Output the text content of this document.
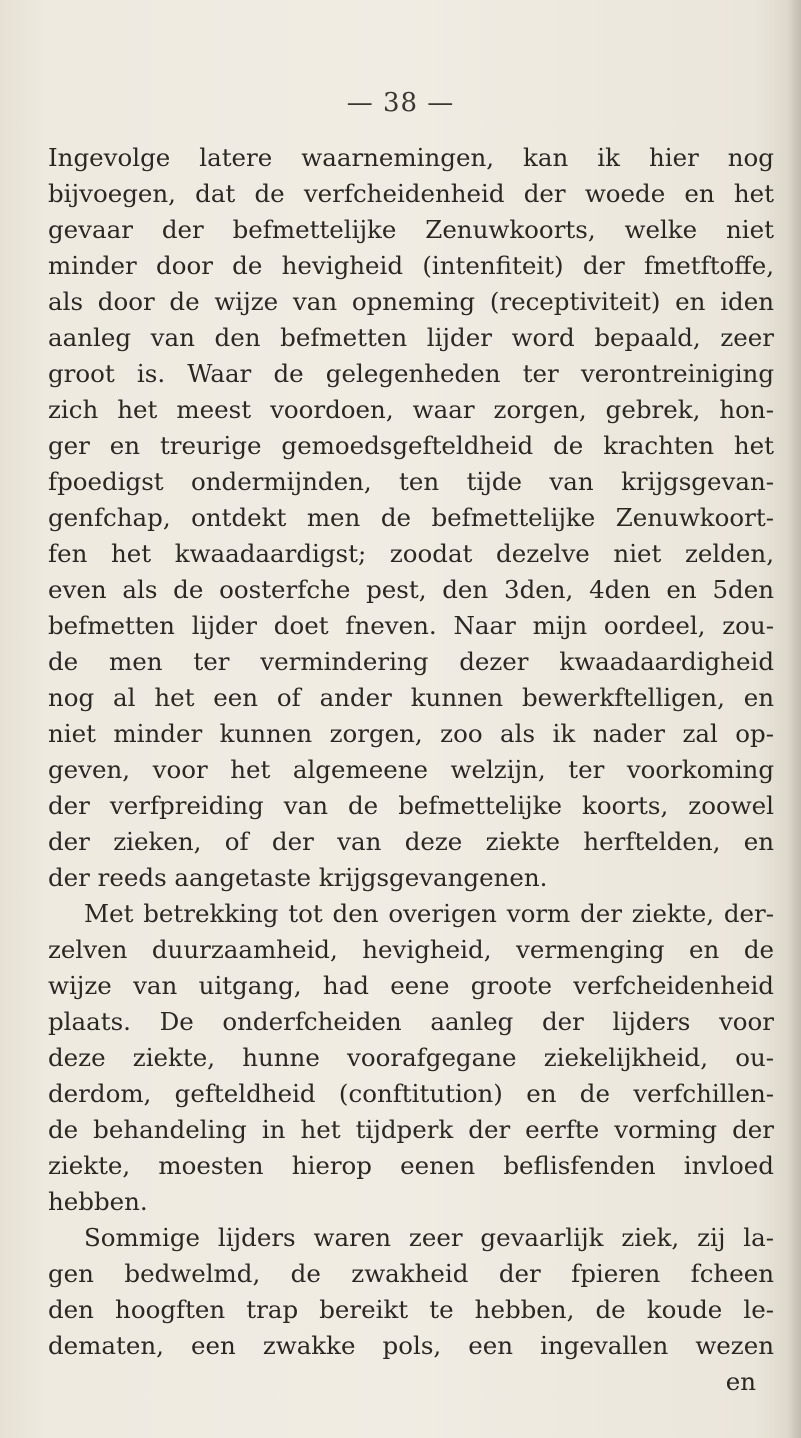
— 38 —
Ingevolge latere waarnemingen, kan ik hier nog
bijvoegen, dat de verfcheidenheid der woede en het
gevaar der befmettelijke Zenuwkoorts, welke niet
minder door de hevigheid (intenfiteit) der fmetftoffe,
als door de wijze van opneming (receptiviteit) en iden
aanleg van den befmetten lijder word bepaald, zeer
groot is. Waar de gelegenheden ter verontreiniging
zich het meest voordoen, waar zorgen, gebrek, hon-
ger en treurige gemoedsgefteldheid de krachten het
fpoedigst ondermijnden, ten tijde van krijgsgevan-
genfchap, ontdekt men de befmettelijke Zenuwkoort-
fen het kwaadaardigst; zoodat dezelve niet zelden,
even als de oosterfche pest, den 3den, 4den en 5den
befmetten lijder doet fneven. Naar mijn oordeel, zou-
de men ter vermindering dezer kwaadaardigheid
nog al het een of ander kunnen bewerkftelligen, en
niet minder kunnen zorgen, zoo als ik nader zal op-
geven, voor het algemeene welzijn, ter voorkoming
der verfpreiding van de befmettelijke koorts, zoowel
der zieken, of der van deze ziekte herftelden, en
der reeds aangetaste krijgsgevangenen.
Met betrekking tot den overigen vorm der ziekte, der-
zelven duurzaamheid, hevigheid, vermenging en de
wijze van uitgang, had eene groote verfcheidenheid
plaats. De onderfcheiden aanleg der lijders voor
deze ziekte, hunne voorafgegane ziekelijkheid, ou-
derdom, gefteldheid (conftitution) en de verfchillen-
de behandeling in het tijdperk der eerfte vorming der
ziekte, moesten hierop eenen beflisfenden invloed
hebben.
Sommige lijders waren zeer gevaarlijk ziek, zij la-
gen bedwelmd, de zwakheid der fpieren fcheen
den hoogften trap bereikt te hebben, de koude le-
dematen, een zwakke pols, een ingevallen wezen
en
